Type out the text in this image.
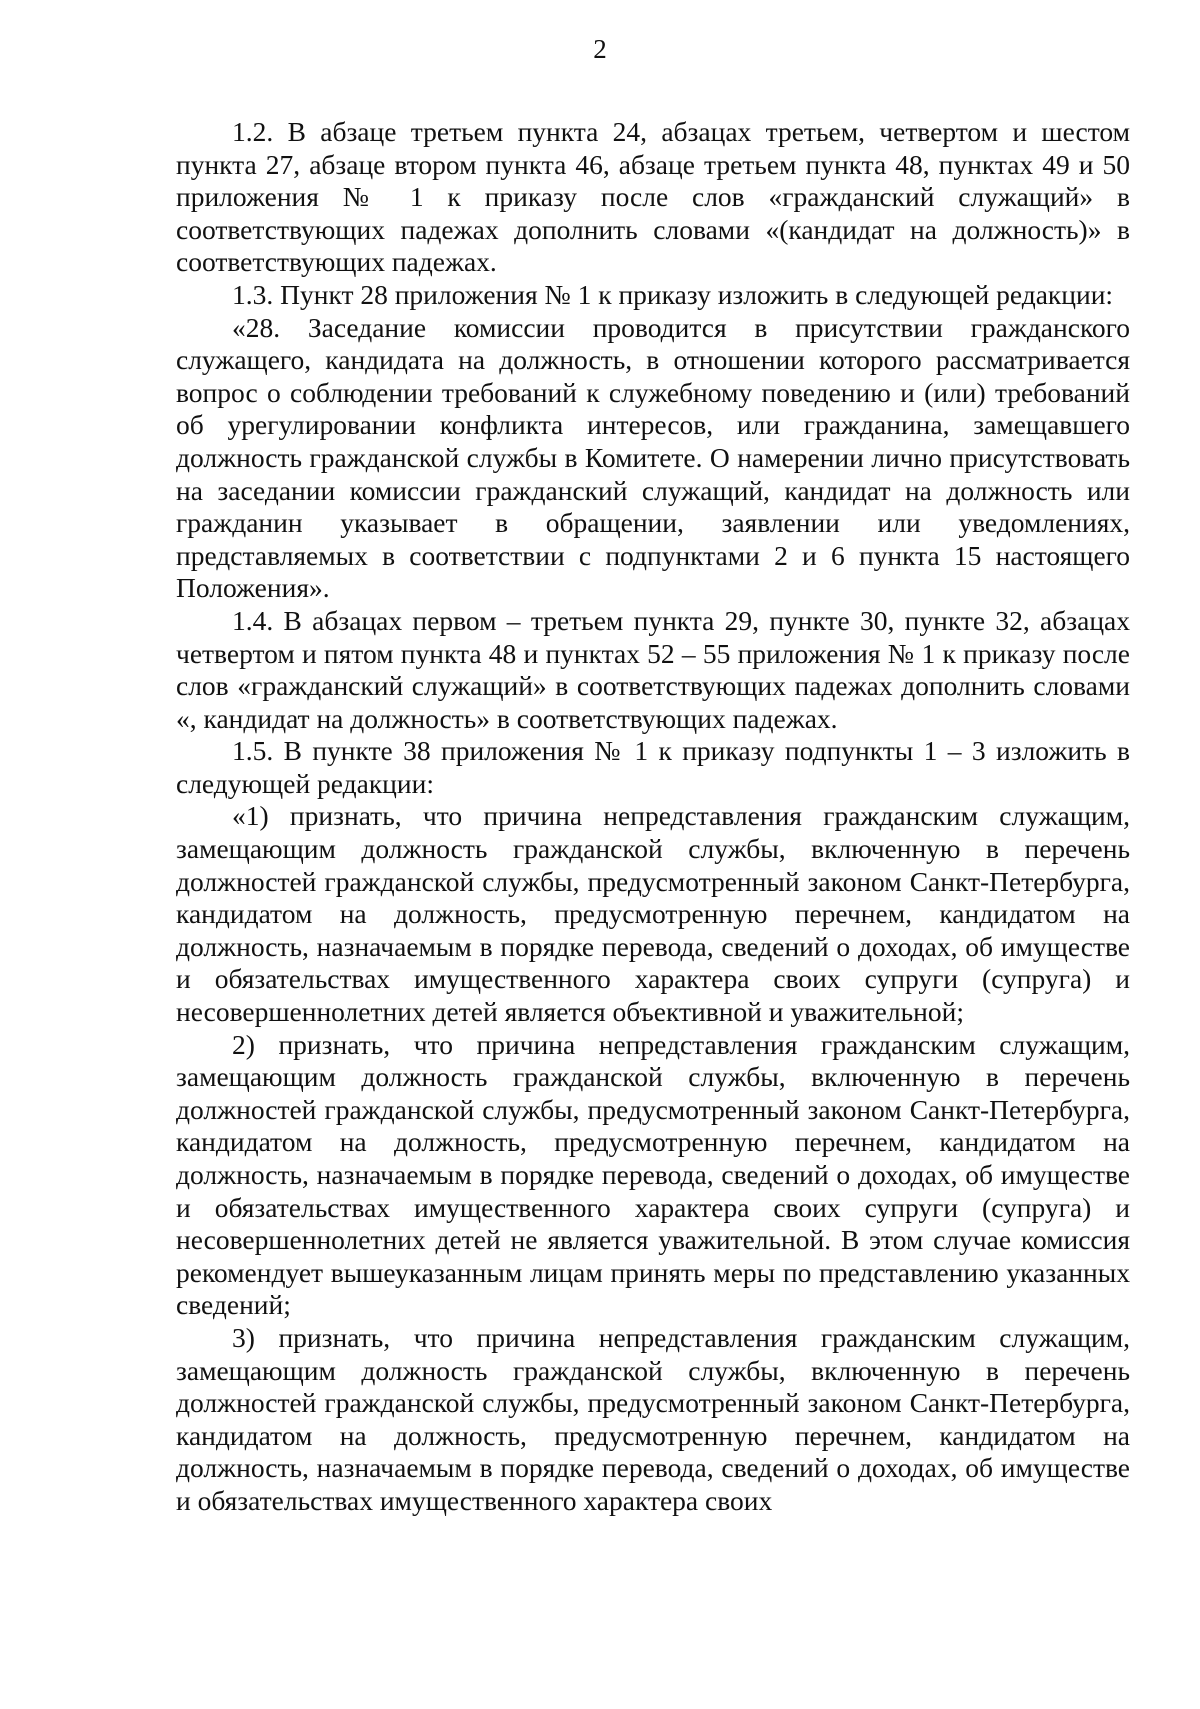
2

1.2. В абзаце третьем пункта 24, абзацах третьем, четвертом и шестом пункта 27, абзаце втором пункта 46, абзаце третьем пункта 48, пунктах 49 и 50 приложения № 1 к приказу после слов «гражданский служащий» в соответствующих падежах дополнить словами «(кандидат на должность)» в соответствующих падежах.

1.3. Пункт 28 приложения № 1 к приказу изложить в следующей редакции:

«28. Заседание комиссии проводится в присутствии гражданского служащего, кандидата на должность, в отношении которого рассматривается вопрос о соблюдении требований к служебному поведению и (или) требований об урегулировании конфликта интересов, или гражданина, замещавшего должность гражданской службы в Комитете. О намерении лично присутствовать на заседании комиссии гражданский служащий, кандидат на должность или гражданин указывает в обращении, заявлении или уведомлениях, представляемых в соответствии с подпунктами 2 и 6 пункта 15 настоящего Положения».

1.4. В абзацах первом – третьем пункта 29, пункте 30, пункте 32, абзацах четвертом и пятом пункта 48 и пунктах 52 – 55 приложения № 1 к приказу после слов «гражданский служащий» в соответствующих падежах дополнить словами «, кандидат на должность» в соответствующих падежах.

1.5. В пункте 38 приложения № 1 к приказу подпункты 1 – 3 изложить в следующей редакции:

«1) признать, что причина непредставления гражданским служащим, замещающим должность гражданской службы, включенную в перечень должностей гражданской службы, предусмотренный законом Санкт-Петербурга, кандидатом на должность, предусмотренную перечнем, кандидатом на должность, назначаемым в порядке перевода, сведений о доходах, об имуществе и обязательствах имущественного характера своих супруги (супруга) и несовершеннолетних детей является объективной и уважительной;

2) признать, что причина непредставления гражданским служащим, замещающим должность гражданской службы, включенную в перечень должностей гражданской службы, предусмотренный законом Санкт-Петербурга, кандидатом на должность, предусмотренную перечнем, кандидатом на должность, назначаемым в порядке перевода, сведений о доходах, об имуществе и обязательствах имущественного характера своих супруги (супруга) и несовершеннолетних детей не является уважительной. В этом случае комиссия рекомендует вышеуказанным лицам принять меры по представлению указанных сведений;

3) признать, что причина непредставления гражданским служащим, замещающим должность гражданской службы, включенную в перечень должностей гражданской службы, предусмотренный законом Санкт-Петербурга, кандидатом на должность, предусмотренную перечнем, кандидатом на должность, назначаемым в порядке перевода, сведений о доходах, об имуществе и обязательствах имущественного характера своих
